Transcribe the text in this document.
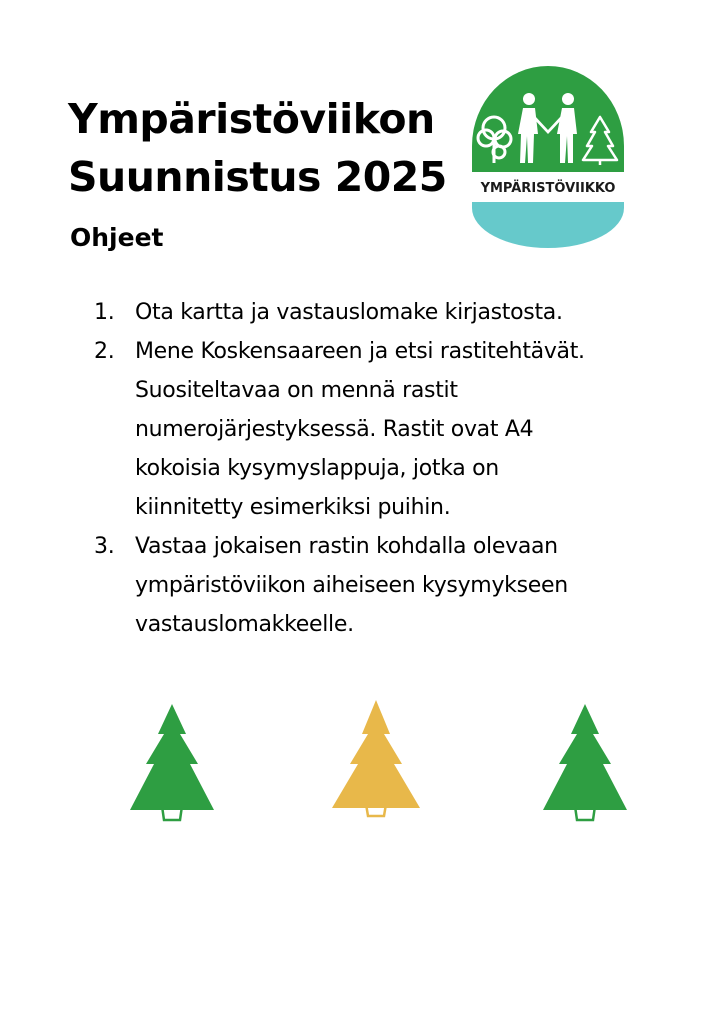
Ympäristöviikon
Suunnistus 2025
Ohjeet
YMPÄRISTÖVIIKKO
1. Ota kartta ja vastauslomake kirjastosta.
2. Mene Koskensaareen ja etsi rastitehtävät.
Suositeltavaa on mennä rastit
numerojärjestyksessä. Rastit ovat A4
kokoisia kysymyslappuja, jotka on
kiinnitetty esimerkiksi puihin.
3. Vastaa jokaisen rastin kohdalla olevaan
ympäristöviikon aiheiseen kysymykseen
vastauslomakkeelle.
